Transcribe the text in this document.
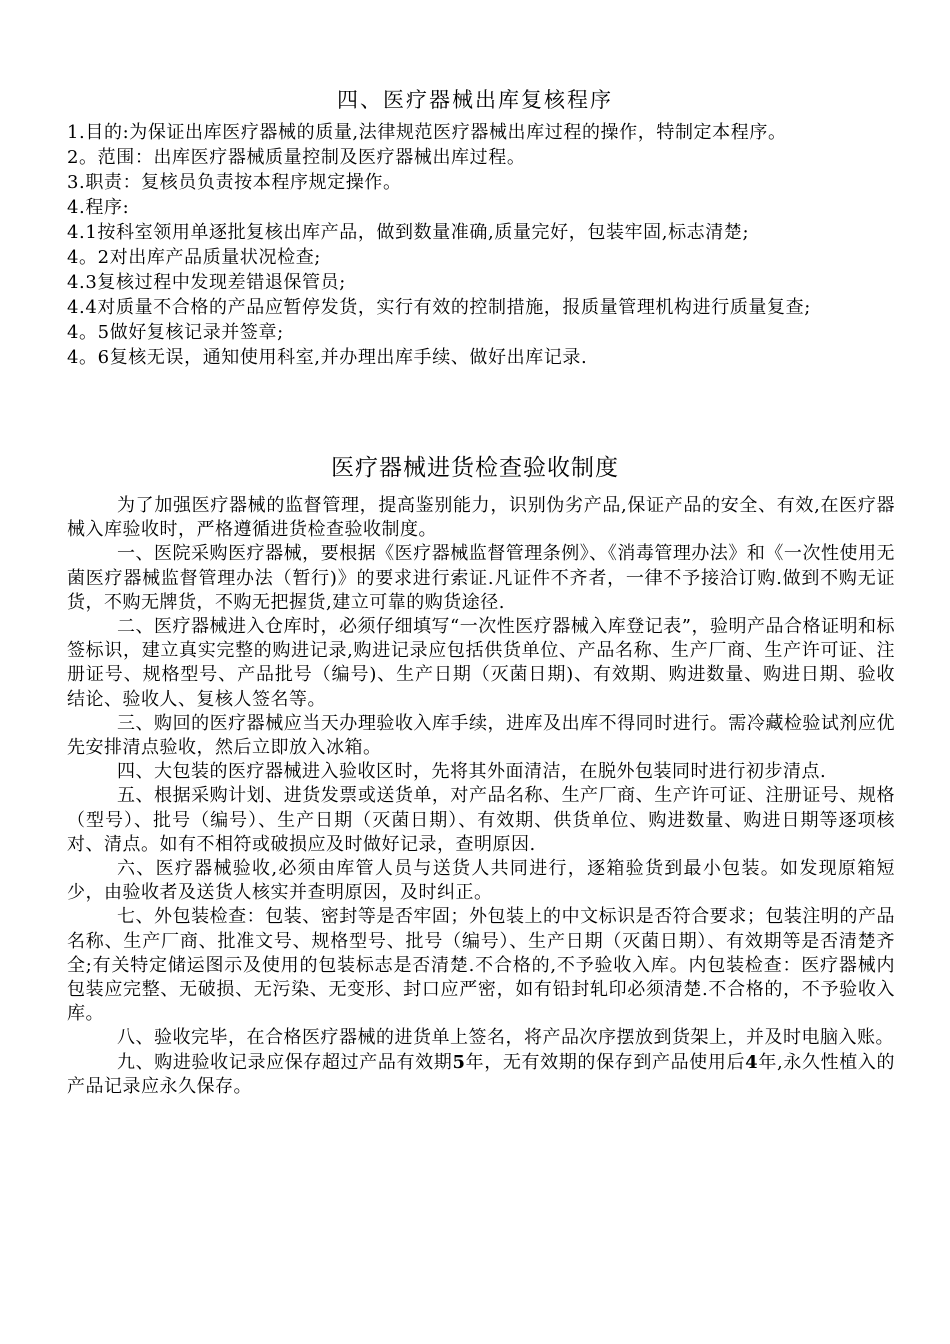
四、医疗器械出库复核程序

1.目的:为保证出库医疗器械的质量,法律规范医疗器械出库过程的操作，特制定本程序。

2。范围：出库医疗器械质量控制及医疗器械出库过程。

3.职责：复核员负责按本程序规定操作。

4.程序:

4.1按科室领用单逐批复核出库产品，做到数量准确,质量完好，包装牢固,标志清楚;

4。2对出库产品质量状况检查;

4.3复核过程中发现差错退保管员;

4.4对质量不合格的产品应暂停发货，实行有效的控制措施，报质量管理机构进行质量复查;

4。5做好复核记录并签章;

4。6复核无误，通知使用科室,并办理出库手续、做好出库记录.

医疗器械进货检查验收制度

为了加强医疗器械的监督管理，提高鉴别能力，识别伪劣产品,保证产品的安全、有效,在医疗器械入库验收时，严格遵循进货检查验收制度。

一、医院采购医疗器械，要根据《医疗器械监督管理条例》、《消毒管理办法》和《一次性使用无菌医疗器械监督管理办法（暂行)》的要求进行索证.凡证件不齐者，一律不予接洽订购.做到不购无证货，不购无牌货，不购无把握货,建立可靠的购货途径.

二、医疗器械进入仓库时，必须仔细填写“一次性医疗器械入库登记表”，验明产品合格证明和标签标识，建立真实完整的购进记录,购进记录应包括供货单位、产品名称、生产厂商、生产许可证、注册证号、规格型号、产品批号（编号)、生产日期（灭菌日期)、有效期、购进数量、购进日期、验收结论、验收人、复核人签名等。

三、购回的医疗器械应当天办理验收入库手续，进库及出库不得同时进行。需冷藏检验试剂应优先安排清点验收，然后立即放入冰箱。

四、大包装的医疗器械进入验收区时，先将其外面清洁，在脱外包装同时进行初步清点.

五、根据采购计划、进货发票或送货单，对产品名称、生产厂商、生产许可证、注册证号、规格（型号）、批号（编号）、生产日期（灭菌日期）、有效期、供货单位、购进数量、购进日期等逐项核对、清点。如有不相符或破损应及时做好记录，查明原因.

六、医疗器械验收,必须由库管人员与送货人共同进行，逐箱验货到最小包装。如发现原箱短少，由验收者及送货人核实并查明原因，及时纠正。

七、外包装检查：包装、密封等是否牢固；外包装上的中文标识是否符合要求；包装注明的产品名称、生产厂商、批准文号、规格型号、批号（编号）、生产日期（灭菌日期）、有效期等是否清楚齐全;有关特定储运图示及使用的包装标志是否清楚.不合格的,不予验收入库。内包装检查：医疗器械内包装应完整、无破损、无污染、无变形、封口应严密，如有铅封轧印必须清楚.不合格的，不予验收入库。

八、验收完毕，在合格医疗器械的进货单上签名，将产品次序摆放到货架上，并及时电脑入账。

九、购进验收记录应保存超过产品有效期5年，无有效期的保存到产品使用后4年,永久性植入的产品记录应永久保存。
